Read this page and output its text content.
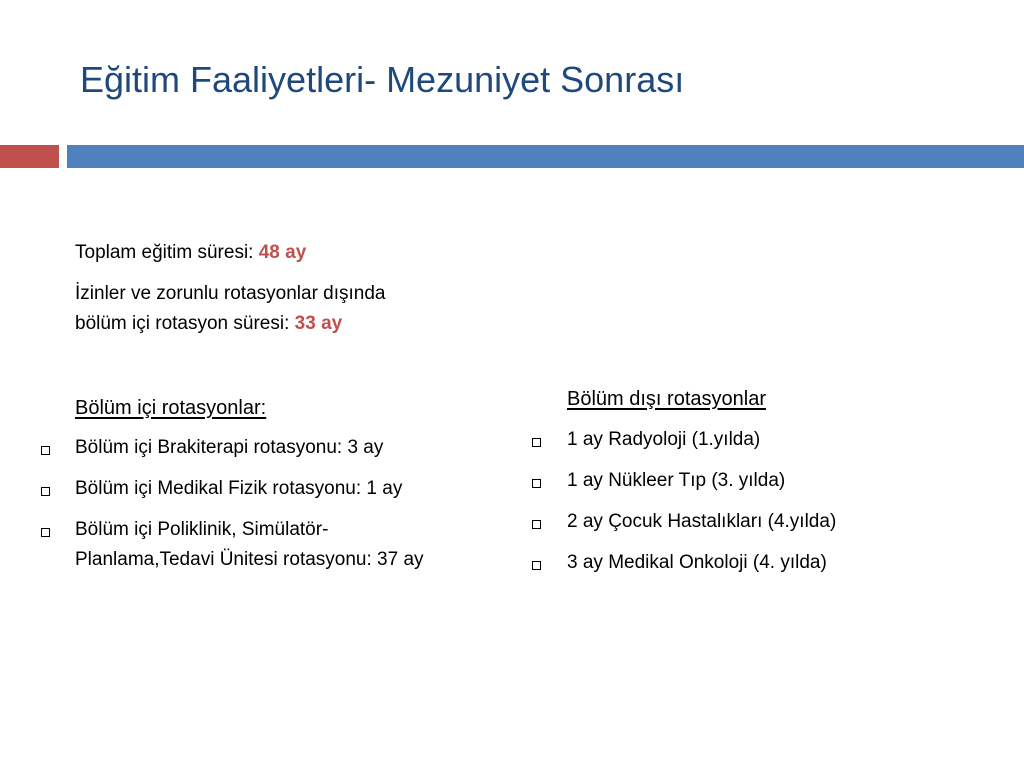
Eğitim Faaliyetleri- Mezuniyet Sonrası
Toplam eğitim süresi: 48 ay
İzinler ve zorunlu rotasyonlar dışında
bölüm içi rotasyon süresi: 33 ay
Bölüm içi rotasyonlar:
Bölüm içi Brakiterapi rotasyonu: 3 ay
Bölüm içi Medikal Fizik rotasyonu: 1 ay
Bölüm içi Poliklinik, Simülatör-
Planlama,Tedavi Ünitesi rotasyonu: 37 ay
Bölüm dışı rotasyonlar
1 ay Radyoloji (1.yılda)
1 ay Nükleer Tıp (3. yılda)
2 ay Çocuk Hastalıkları (4.yılda)
3 ay Medikal Onkoloji (4. yılda)
